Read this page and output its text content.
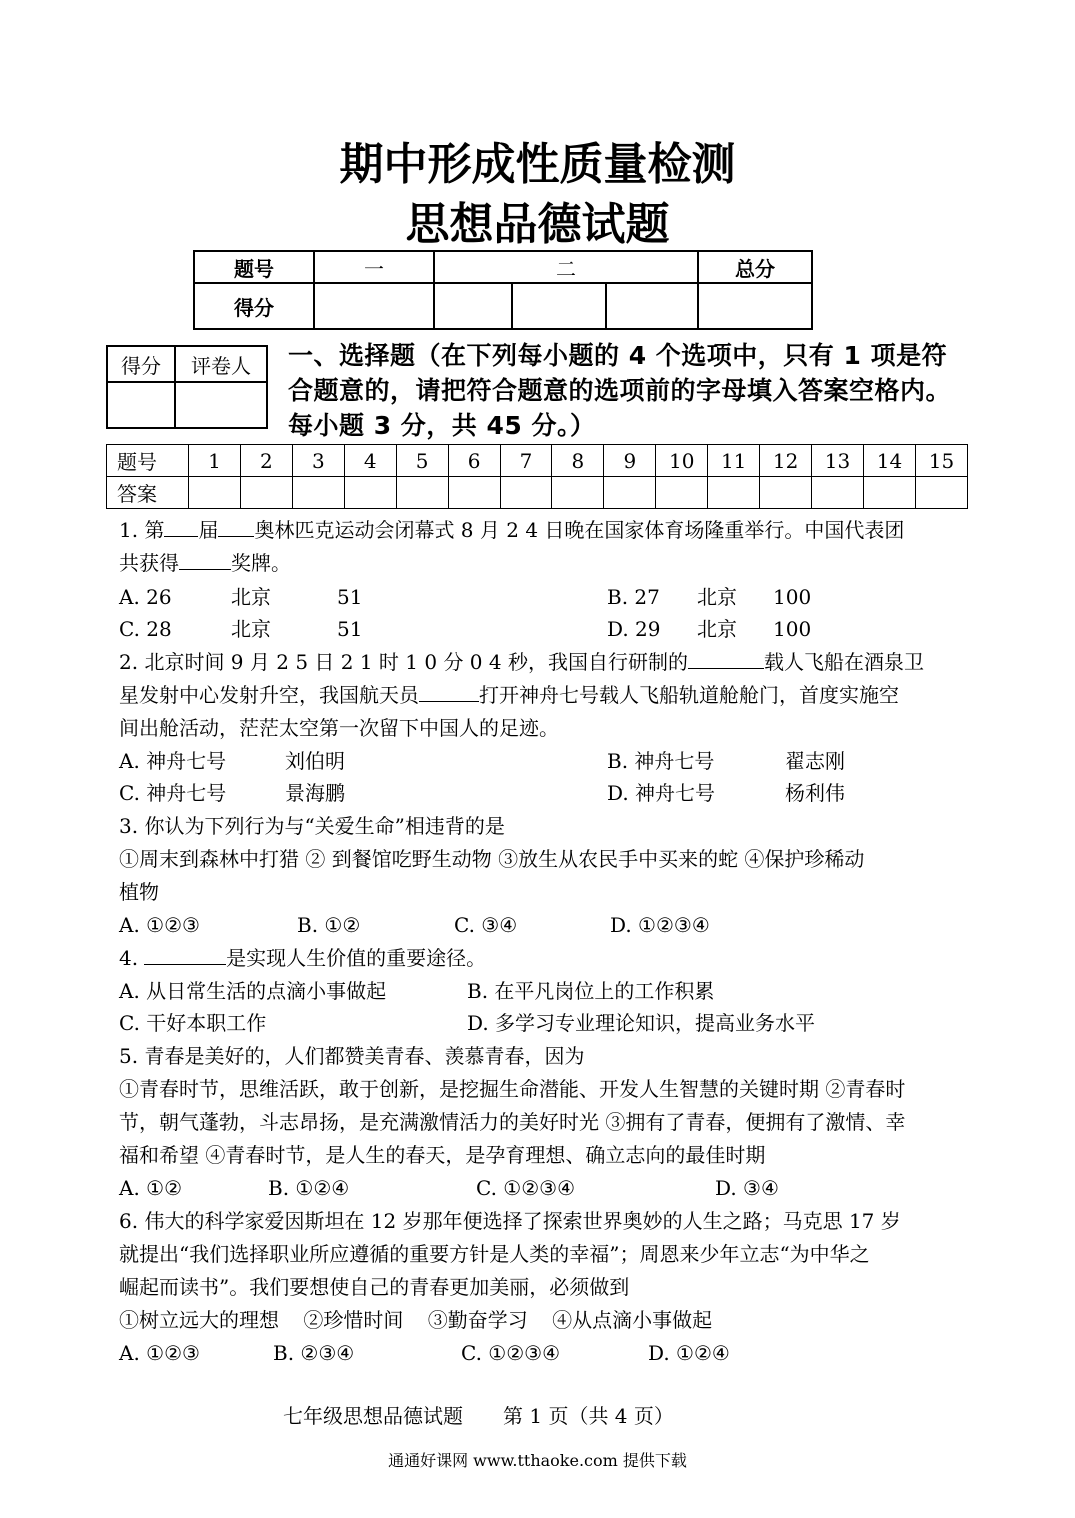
期中形成性质量检测
思想品德试题
题号	一	二			总分
得分					
得分	评卷人
	一、选择题（在下列每小题的 4 个选项中，只有 1 项是符合题意的，请把符合题意的选项前的字母填入答案空格内。每小题 3 分，共 45 分。）
题号	1	2	3	4	5	6	7	8	9	10	11	12	13	14	15
答案															
1. 第 届 奥林匹克运动会闭幕式 8 月 2 4 日晚在国家体育场隆重举行。中国代表团
共获得	奖牌。
A. 26	北京	51	B. 27 北京 100
C. 28	北京	51	D. 29 北京 100
2. 北京时间 9 月 2 5 日 2 1 时 1 0 分 0 4 秒，我国自行研制的	载人飞船在酒泉卫
星发射中心发射升空，我国航天员	打开神舟七号载人飞船轨道舱舱门，首度实施空
间出舱活动，茫茫太空第一次留下中国人的足迹。
A. 神舟七号	刘伯明	B. 神舟七号	翟志刚
C. 神舟七号	景海鹏	D. 神舟七号	杨利伟
3. 你认为下列行为与“关爱生命”相违背的是
①周末到森林中打猎 ② 到餐馆吃野生动物 ③放生从农民手中买来的蛇 ④保护珍稀动
植物
A. ①②③	B. ①②	C. ③④	D. ①②③④
4.	是实现人生价值的重要途径。
A. 从日常生活的点滴小事做起	B. 在平凡岗位上的工作积累
C. 干好本职工作	D. 多学习专业理论知识，提高业务水平
5. 青春是美好的，人们都赞美青春、羡慕青春，因为
①青春时节，思维活跃，敢于创新，是挖掘生命潜能、开发人生智慧的关键时期 ②青春时
节，朝气蓬勃，斗志昂扬，是充满激情活力的美好时光 ③拥有了青春，便拥有了激情、幸
福和希望 ④青春时节，是人生的春天，是孕育理想、确立志向的最佳时期
A. ①②	B. ①②④	C. ①②③④	D. ③④
6. 伟大的科学家爱因斯坦在 12 岁那年便选择了探索世界奥妙的人生之路；马克思 17 岁
就提出“我们选择职业所应遵循的重要方针是人类的幸福”；周恩来少年立志“为中华之
崛起而读书”。我们要想使自己的青春更加美丽，必须做到
①树立远大的理想 ②珍惜时间 ③勤奋学习 ④从点滴小事做起
A. ①②③	B. ②③④	C. ①②③④	D. ①②④
七年级思想品德试题　　第 1 页（共 4 页）
通通好课网 www.tthaoke.com 提供下载
